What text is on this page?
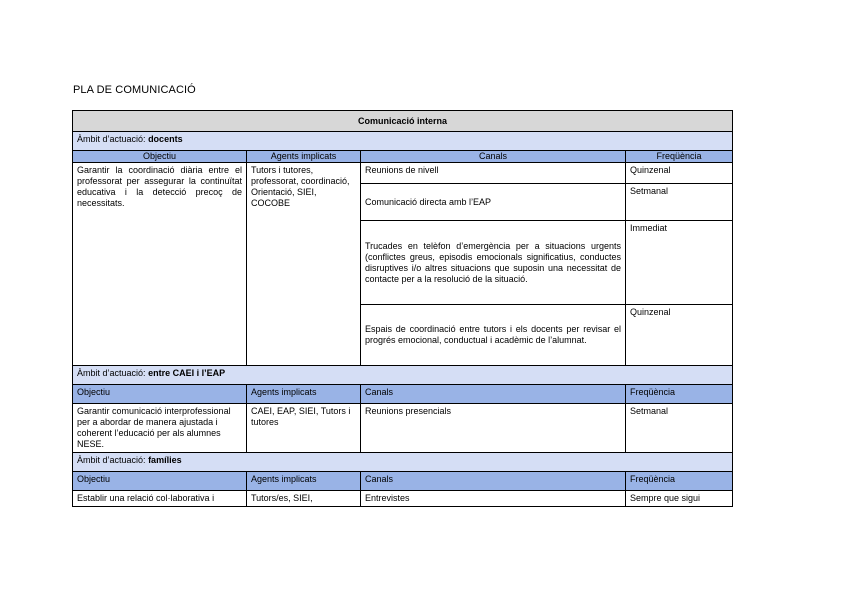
PLA DE COMUNICACIÓ
Comunicació interna			
Àmbit d’actuació: docents			
Objectiu	Agents implicats	Canals	Freqüència
Garantir la coordinació diària entre el professorat per assegurar la continuïtat educativa i la detecció precoç de necessitats.	Tutors i tutores, professorat, coordinació, Orientació, SIEI, COCOBE	Reunions de nivell	Quinzenal
		Comunicació directa amb l’EAP	Setmanal
		Trucades en telèfon d’emergència per a situacions urgents (conflictes greus, episodis emocionals significatius, conductes disruptives i/o altres situacions que suposin una necessitat de contacte per a la resolució de la situació.	Immediat
		Espais de coordinació entre tutors i els docents per revisar el progrés emocional, conductual i acadèmic de l’alumnat.	Quinzenal
Àmbit d’actuació: entre CAEI i l’EAP			
Objectiu	Agents implicats	Canals	Freqüència
Garantir comunicació interprofessional per a abordar de manera ajustada i coherent l’educació per als alumnes NESE.	CAEI, EAP, SIEI, Tutors i tutores	Reunions presencials	Setmanal
Àmbit d’actuació: famílies			
Objectiu	Agents implicats	Canals	Freqüència
Establir una relació col·laborativa i	Tutors/es, SIEI,	Entrevistes	Sempre que sigui
